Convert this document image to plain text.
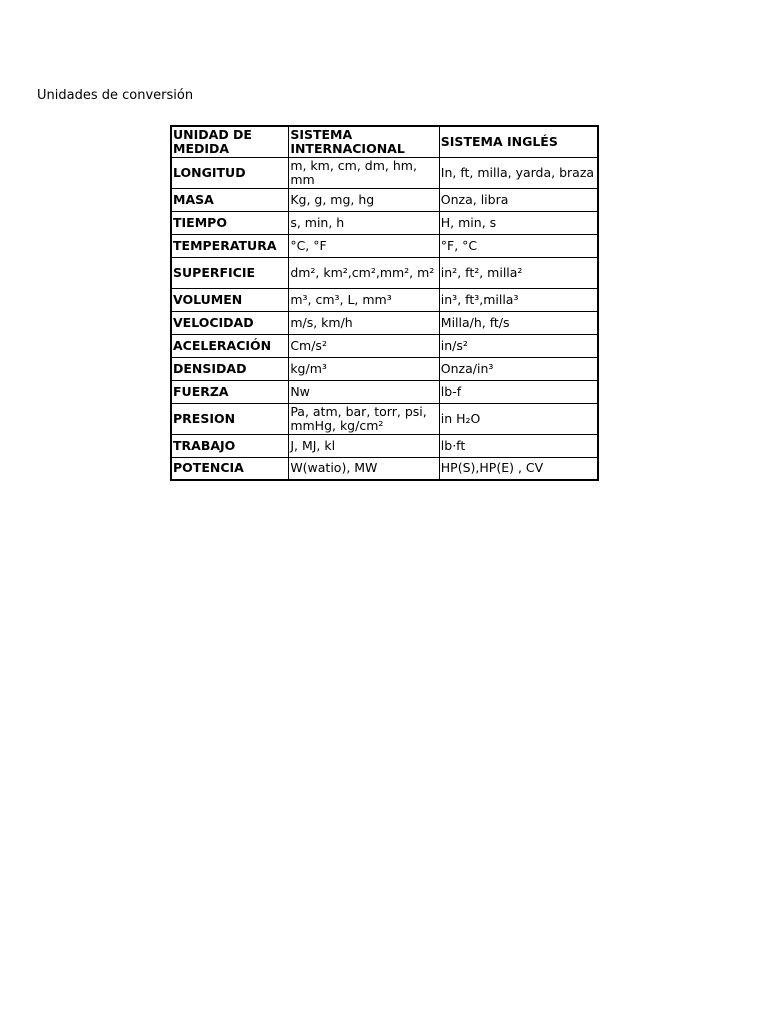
Unidades de conversión
UNIDAD DE MEDIDA	SISTEMA INTERNACIONAL	SISTEMA INGLÉS
LONGITUD	m, km, cm, dm, hm, mm	In, ft, milla, yarda, braza
MASA	Kg, g, mg, hg	Onza, libra
TIEMPO	s, min, h	H, min, s
TEMPERATURA	°C, °F	°F, °C
SUPERFICIE	dm², km²,cm²,mm², m²	in², ft², milla²
VOLUMEN	m³, cm³, L, mm³	in³, ft³,milla³
VELOCIDAD	m/s, km/h	Milla/h, ft/s
ACELERACIÓN	Cm/s²	in/s²
DENSIDAD	kg/m³	Onza/in³
FUERZA	Nw	lb-f
PRESION	Pa, atm, bar, torr, psi, mmHg, kg/cm²	in H₂O
TRABAJO	J, MJ, kl	lb·ft
POTENCIA	W(watio), MW	HP(S),HP(E) , CV
